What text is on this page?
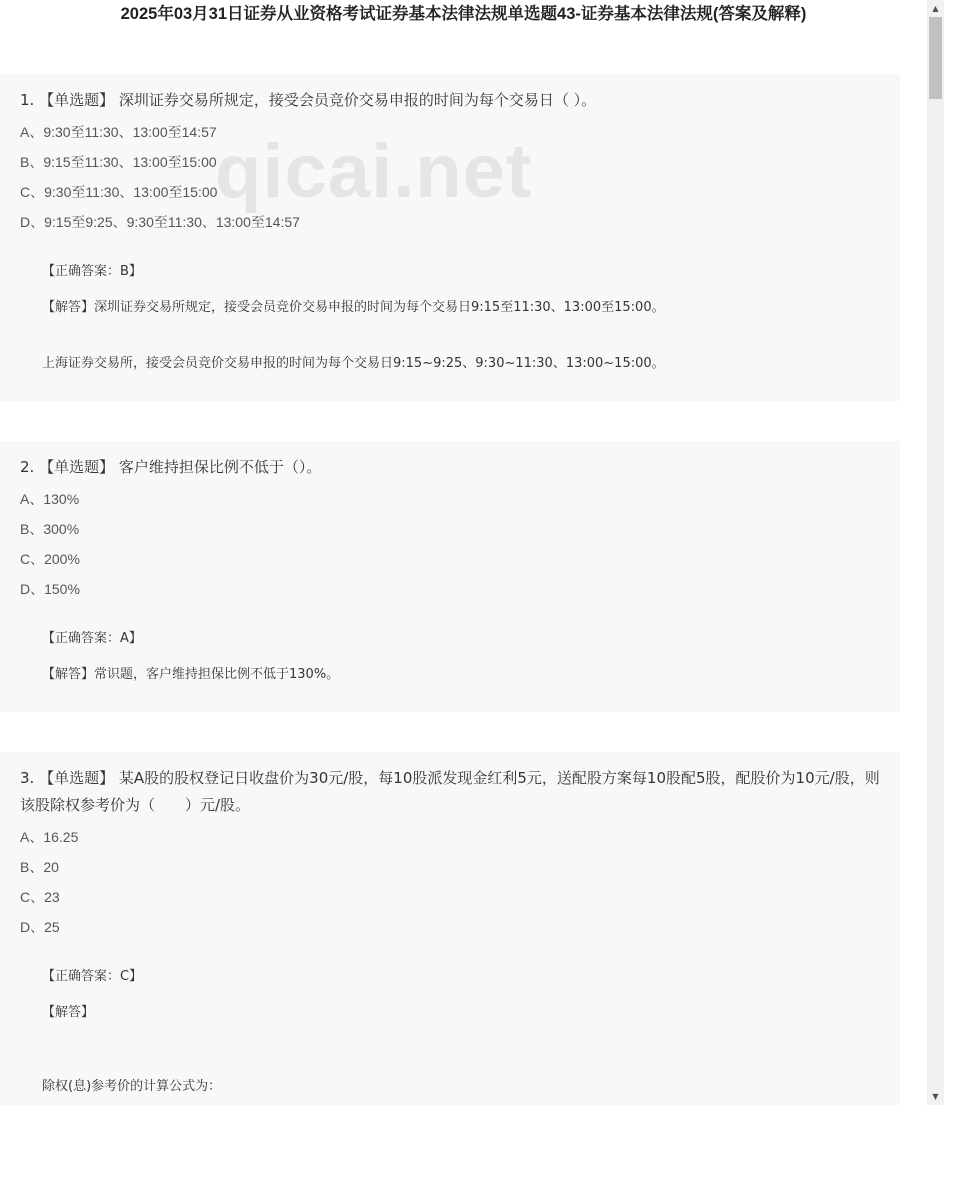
2025年03月31日证券从业资格考试证券基本法律法规单选题43-证券基本法律法规(答案及解释)

1. 【单选题】 深圳证券交易所规定，接受会员竞价交易申报的时间为每个交易日（ ）。

A、9:30至11:30、13:00至14:57
B、9:15至11:30、13:00至15:00
C、9:30至11:30、13:00至15:00
D、9:15至9:25、9:30至11:30、13:00至14:57
【正确答案：B】
【解答】深圳证券交易所规定，接受会员竞价交易申报的时间为每个交易日9:15至11:30、13:00至15:00。
上海证券交易所，接受会员竞价交易申报的时间为每个交易日9:15~9:25、9:30~11:30、13:00~15:00。

2. 【单选题】 客户维持担保比例不低于（）。

A、130%
B、300%
C、200%
D、150%
【正确答案：A】
【解答】常识题，客户维持担保比例不低于130%。

3. 【单选题】 某A股的股权登记日收盘价为30元/股，每10股派发现金红利5元，送配股方案每10股配5股，配股价为10元/股，则该股除权参考价为（　　）元/股。

A、16.25
B、20
C、23
D、25
【正确答案：C】
【解答】
除权(息)参考价的计算公式为：
qicai.net
▲
▼
